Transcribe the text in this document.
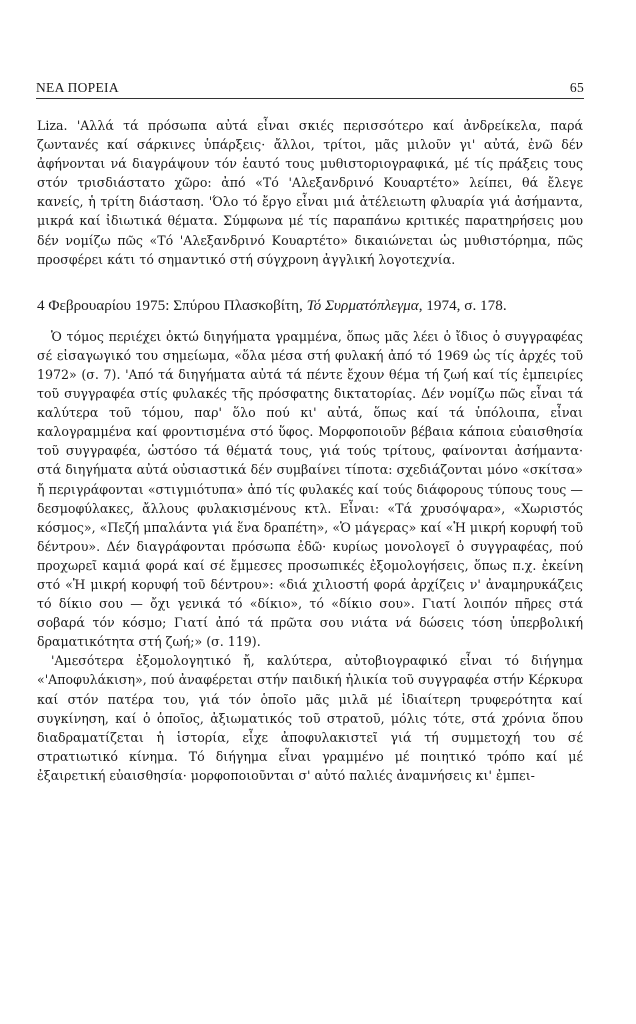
ΝΕΑ ΠΟΡΕΙΑ	65

Liza. 'Αλλά τά πρόσωπα αὐτά εἶναι σκιές περισσότερο καί ἀνδρείκελα, παρά ζωντανές καί σάρκινες ὑπάρξεις· ἄλλοι, τρίτοι, μᾶς μιλοῦν γι' αὐτά, ἐνῶ δέν ἀφήνονται νά διαγράψουν τόν ἑαυτό τους μυθιστοριογραφικά, μέ τίς πράξεις τους στόν τρισδιάστατο χῶρο: ἀπό «Τό 'Αλεξανδρινό Κουαρτέτο» λείπει, θά ἔλεγε κανείς, ἡ τρίτη διάσταση. 'Όλο τό ἔργο εἶναι μιά ἀτέλειωτη φλυαρία γιά ἀσήμαντα, μικρά καί ἰδιωτικά θέματα. Σύμφωνα μέ τίς παραπάνω κριτικές παρατηρήσεις μου δέν νομίζω πῶς «Τό 'Αλεξανδρινό Κουαρτέτο» δικαιώνεται ὡς μυθιστόρημα, πῶς προσφέρει κάτι τό σημαντικό στή σύγχρονη ἀγγλική λογοτεχνία.

4 Φεβρουαρίου 1975: Σπύρου Πλασκοβίτη, Τό Συρματόπλεγμα, 1974, σ. 178.

Ὁ τόμος περιέχει ὀκτώ διηγήματα γραμμένα, ὅπως μᾶς λέει ὁ ἴδιος ὁ συγγραφέας σέ εἰσαγωγικό του σημείωμα, «ὅλα μέσα στή φυλακή ἀπό τό 1969 ὡς τίς ἀρχές τοῦ 1972» (σ. 7). 'Από τά διηγήματα αὐτά τά πέντε ἔχουν θέμα τή ζωή καί τίς ἐμπειρίες τοῦ συγγραφέα στίς φυλακές τῆς πρόσφατης δικτατορίας. Δέν νομίζω πῶς εἶναι τά καλύτερα τοῦ τόμου, παρ' ὅλο πού κι' αὐτά, ὅπως καί τά ὑπόλοιπα, εἶναι καλογραμμένα καί φροντισμένα στό ὕφος. Μορφοποιοῦν βέβαια κάποια εὐαισθησία τοῦ συγγραφέα, ὡστόσο τά θέματά τους, γιά τούς τρίτους, φαίνονται ἀσήμαντα· στά διηγήματα αὐτά οὐσιαστικά δέν συμβαίνει τίποτα: σχεδιάζονται μόνο «σκίτσα» ἤ περιγράφονται «στιγμιότυπα» ἀπό τίς φυλακές καί τούς διάφορους τύπους τους — δεσμοφύλακες, ἄλλους φυλακισμένους κτλ. Εἶναι: «Τά χρυσόψαρα», «Χωριστός κόσμος», «Πεζή μπαλάντα γιά ἕνα δραπέτη», «Ὁ μάγερας» καί «Ἡ μικρή κορυφή τοῦ δέντρου». Δέν διαγράφονται πρόσωπα ἐδῶ· κυρίως μονολογεῖ ὁ συγγραφέας, πού προχωρεῖ καμιά φορά καί σέ ἔμμεσες προσωπικές ἐξομολογήσεις, ὅπως π.χ. ἐκείνη στό «Ἡ μικρή κορυφή τοῦ δέντρου»: «διά χιλιοστή φορά ἀρχίζεις ν' ἀναμηρυκάζεις τό δίκιο σου — ὄχι γενικά τό «δίκιο», τό «δίκιο σου». Γιατί λοιπόν πῆρες στά σοβαρά τόν κόσμο; Γιατί ἀπό τά πρῶτα σου νιάτα νά δώσεις τόση ὑπερβολική δραματικότητα στή ζωή;» (σ. 119).

'Αμεσότερα ἐξομολογητικό ἤ, καλύτερα, αὐτοβιογραφικό εἶναι τό διήγημα «'Αποφυλάκιση», πού ἀναφέρεται στήν παιδική ἡλικία τοῦ συγγραφέα στήν Κέρκυρα καί στόν πατέρα του, γιά τόν ὁποῖο μᾶς μιλᾶ μέ ἰδιαίτερη τρυφερότητα καί συγκίνηση, καί ὁ ὁποῖος, ἀξιωματικός τοῦ στρατοῦ, μόλις τότε, στά χρόνια ὅπου διαδραματίζεται ἡ ἱστορία, εἶχε ἀποφυλακιστεῖ γιά τή συμμετοχή του σέ στρατιωτικό κίνημα. Τό διήγημα εἶναι γραμμένο μέ ποιητικό τρόπο καί μέ ἐξαιρετική εὐαισθησία· μορφοποιοῦνται σ' αὐτό παλιές ἀναμνήσεις κι' ἐμπει-
